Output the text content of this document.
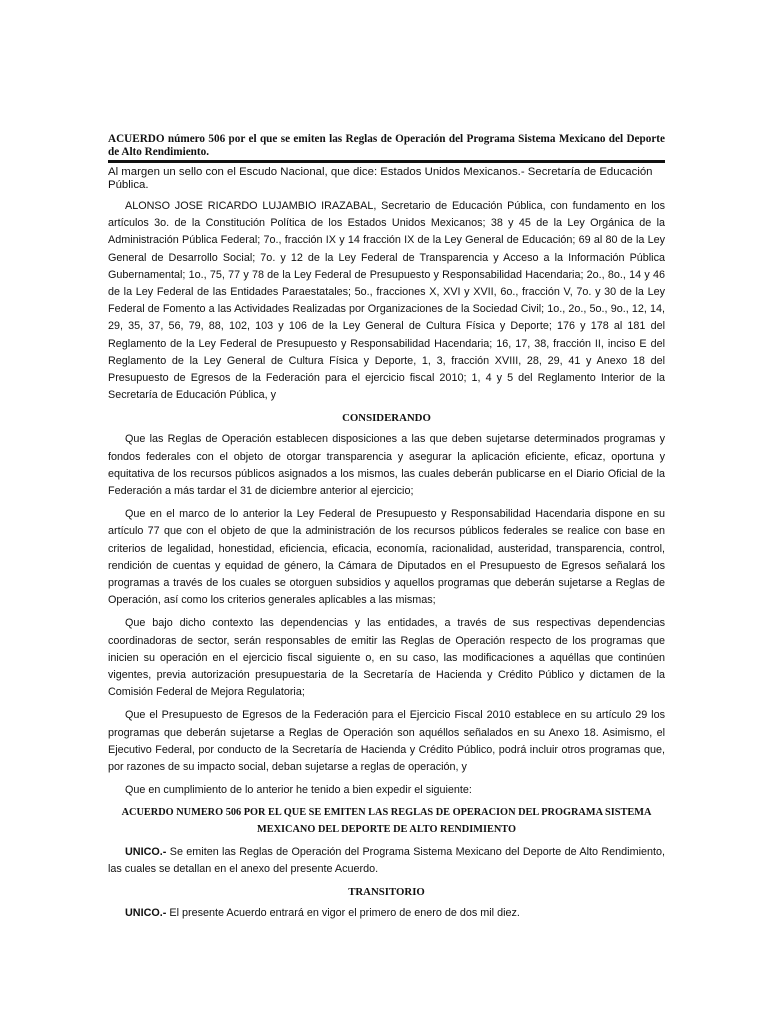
ACUERDO número 506 por el que se emiten las Reglas de Operación del Programa Sistema Mexicano del Deporte de Alto Rendimiento.

Al margen un sello con el Escudo Nacional, que dice: Estados Unidos Mexicanos.- Secretaría de Educación Pública.

ALONSO JOSE RICARDO LUJAMBIO IRAZABAL, Secretario de Educación Pública, con fundamento en los artículos 3o. de la Constitución Política de los Estados Unidos Mexicanos; 38 y 45 de la Ley Orgánica de la Administración Pública Federal; 7o., fracción IX y 14 fracción IX de la Ley General de Educación; 69 al 80 de la Ley General de Desarrollo Social; 7o. y 12 de la Ley Federal de Transparencia y Acceso a la Información Pública Gubernamental; 1o., 75, 77 y 78 de la Ley Federal de Presupuesto y Responsabilidad Hacendaria; 2o., 8o., 14 y 46 de la Ley Federal de las Entidades Paraestatales; 5o., fracciones X, XVI y XVII, 6o., fracción V, 7o. y 30 de la Ley Federal de Fomento a las Actividades Realizadas por Organizaciones de la Sociedad Civil; 1o., 2o., 5o., 9o., 12, 14, 29, 35, 37, 56, 79, 88, 102, 103 y 106 de la Ley General de Cultura Física y Deporte; 176 y 178 al 181 del Reglamento de la Ley Federal de Presupuesto y Responsabilidad Hacendaria; 16, 17, 38, fracción II, inciso E del Reglamento de la Ley General de Cultura Física y Deporte, 1, 3, fracción XVIII, 28, 29, 41 y Anexo 18 del Presupuesto de Egresos de la Federación para el ejercicio fiscal 2010; 1, 4 y 5 del Reglamento Interior de la Secretaría de Educación Pública, y

CONSIDERANDO

Que las Reglas de Operación establecen disposiciones a las que deben sujetarse determinados programas y fondos federales con el objeto de otorgar transparencia y asegurar la aplicación eficiente, eficaz, oportuna y equitativa de los recursos públicos asignados a los mismos, las cuales deberán publicarse en el Diario Oficial de la Federación a más tardar el 31 de diciembre anterior al ejercicio;

Que en el marco de lo anterior la Ley Federal de Presupuesto y Responsabilidad Hacendaria dispone en su artículo 77 que con el objeto de que la administración de los recursos públicos federales se realice con base en criterios de legalidad, honestidad, eficiencia, eficacia, economía, racionalidad, austeridad, transparencia, control, rendición de cuentas y equidad de género, la Cámara de Diputados en el Presupuesto de Egresos señalará los programas a través de los cuales se otorguen subsidios y aquellos programas que deberán sujetarse a Reglas de Operación, así como los criterios generales aplicables a las mismas;

Que bajo dicho contexto las dependencias y las entidades, a través de sus respectivas dependencias coordinadoras de sector, serán responsables de emitir las Reglas de Operación respecto de los programas que inicien su operación en el ejercicio fiscal siguiente o, en su caso, las modificaciones a aquéllas que continúen vigentes, previa autorización presupuestaria de la Secretaría de Hacienda y Crédito Público y dictamen de la Comisión Federal de Mejora Regulatoria;

Que el Presupuesto de Egresos de la Federación para el Ejercicio Fiscal 2010 establece en su artículo 29 los programas que deberán sujetarse a Reglas de Operación son aquéllos señalados en su Anexo 18. Asimismo, el Ejecutivo Federal, por conducto de la Secretaría de Hacienda y Crédito Público, podrá incluir otros programas que, por razones de su impacto social, deban sujetarse a reglas de operación, y

Que en cumplimiento de lo anterior he tenido a bien expedir el siguiente:

ACUERDO NUMERO 506 POR EL QUE SE EMITEN LAS REGLAS DE OPERACION DEL PROGRAMA SISTEMA MEXICANO DEL DEPORTE DE ALTO RENDIMIENTO

UNICO.- Se emiten las Reglas de Operación del Programa Sistema Mexicano del Deporte de Alto Rendimiento, las cuales se detallan en el anexo del presente Acuerdo.

TRANSITORIO

UNICO.- El presente Acuerdo entrará en vigor el primero de enero de dos mil diez.
